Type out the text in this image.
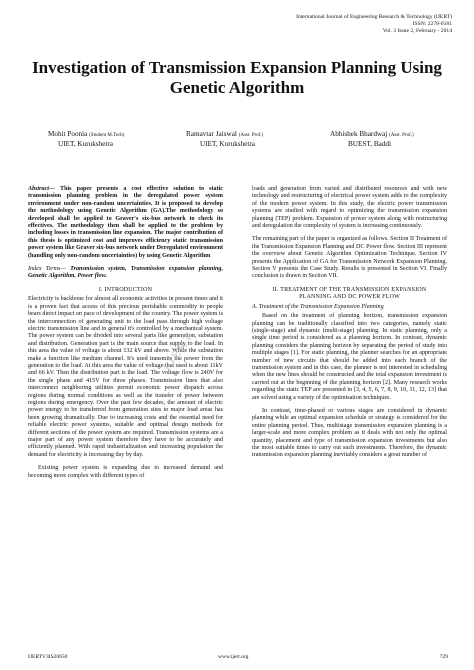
International Journal of Engineering Research & Technology (IJERT)
ISSN: 2278-0181
Vol. 3 Issue 2, February - 2014
Investigation of Transmission Expansion Planning Using Genetic Algorithm
Mohit Poonia (Student M.Tech)
UIET, Kurukshetra
Ramavtar Jaiswal (Asst. Prof.)
UIET, Kurukshetra
Abhishek Bhardwaj (Asst. Prof.)
BUEST, Baddi

Abstract— This paper presents a cost effective solution to static transmission planning problem in the deregulated power system environment under non-random uncertainties. It is proposed to develop the methodology using Genetic Algorithm (GA).The methodology so developed shall be applied to Graver's six-bus network to check its effectives. The methodology then shall be applied to the problem by including losses in transmission line expansion. The major contribution of this thesis is optimized cost and improves efficiency static transmission power system like Graver six-bus network under Deregulated environment (handling only non-random uncertainties) by using Genetic Algorithm

Index Terms— Transmission system, Transmission expansion planning, Genetic Algorithm, Power flow.

I. INTRODUCTION

Electricity is backbone for almost all economic activities in present times and it is a proven fact that access of this precious perishable commodity to people bears direct impact on pace of development of the country. The power system is the interconnection of generating unit to the load pass through high voltage electric transmission line and in general it's controlled by a mechanical system. The power system can be divided into several parts like generation, substation and distribution. Generation part is the main source that supply to the load. In this area the value of voltage is about 132 kV and above. While the substation make a function like medium channel. It's used transmits the power from the generation to the load. At this area the value of voltage that used is about 11kV and 66 kV. Then the distribution part is the load. The voltage flow is 240V for the single phase and 415V for three phases. Transmission lines that also interconnect neighboring utilities permit economic power dispatch across regions during normal conditions as well as the transfer of power between regions during emergency. Over the past few decades, the amount of electric power energy to be transferred from generation sites to major load areas has been growing dramatically. Due to increasing costs and the essential need for reliable electric power systems, suitable and optimal design methods for different sections of the power system are required. Transmission systems are a major part of any power system therefore they have to be accurately and efficiently planned. With rapid industrialization and increasing population the demand for electricity is increasing day by day.

Existing power system is expanding due to increased demand and becoming more complex with different types of

loads and generation from varied and distributed resources and with new technology and restructuring of electrical power system adds to the complexity of the modern power system. In this study, the electric power transmission systems are studied with regard to optimizing the transmission expansion planning (TEP) problem. Expansion of power system along with restructuring and deregulation the complexity of system is increasing continuously.

The remaining part of the paper is organized as follows. Section II Treatment of the Transmission Expansion Planning and DC Power flow. Section III represent the overview about Genetic Algorithm Optimization Technique. Section IV presents the Application of GA for Transmission Network Expansion Planning. Section V presents the Case Study. Results is presented in Section VI. Finally conclusion is drawn in Section VII.

II. TREATMENT OF THE TRANSMISSION EXPANSION
PLANNING AND DC POWER FLOW
A. Treatment of the Transmission Expansion Planning

Based on the treatment of planning horizon, transmission expansion planning can be traditionally classified into two categories, namely static (single-stage) and dynamic (multi-stage) planning. In static planning, only a single time period is considered as a planning horizon. In contrast, dynamic planning considers the planning horizon by separating the period of study into multiple stages [1]. For static planning, the planner searches for an appropriate number of new circuits that should be added into each branch of the transmission system and in this case, the planner is not interested in scheduling when the new lines should be constructed and the total expansion investment is carried out at the beginning of the planning horizon [2]. Many research works regarding the static TEP are presented in [3, 4, 5, 6, 7, 8, 9, 10, 11, 12, 13] that are solved using a variety of the optimisation techniques.

In contrast, time-phased or various stages are considered in dynamic planning while an optimal expansion schedule or strategy is considered for the entire planning period. Thus, multistage transmission expansion planning is a larger-scale and more complex problem as it deals with not only the optimal quantity, placement and type of transmission expansion investments but also the most suitable times to carry out such investments. Therefore, the dynamic transmission expansion planning inevitably considers a great number of

IJERT
IJERTV3IS20650	www.ijert.org	729
